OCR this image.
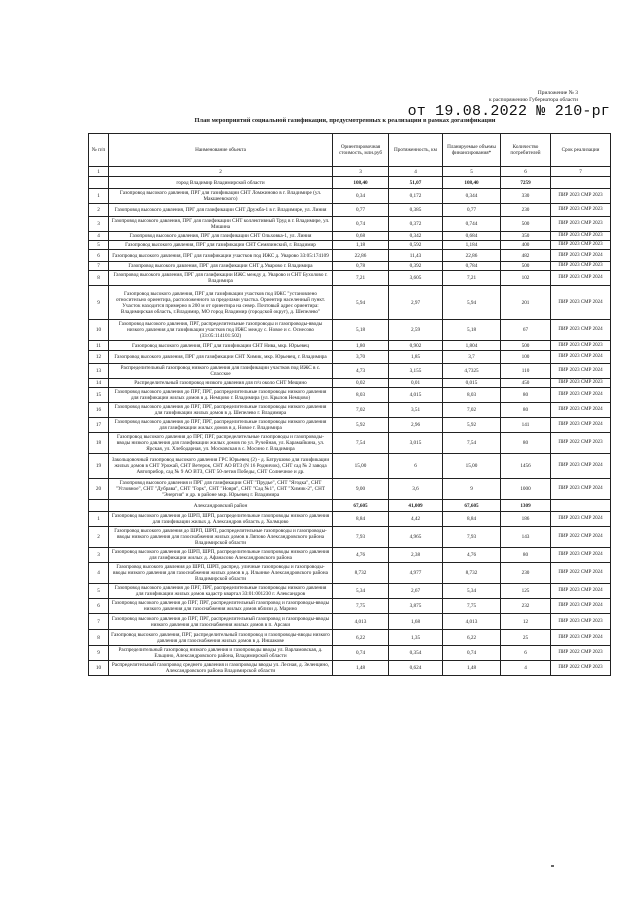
Приложение № 3
к распоряжению Губернатора области
от 19.08.2022 № 210-рг
План мероприятий социальной газификации, предусмотренных к реализации в рамках догазификации
№ п/п	Наименование объекта	Ориентировочная стоимость, млн.руб	Протяженность, км	Планируемые объемы финансирования*	Количество потребителей	Срок реализации
1	2	3	4	5	6	7
	город Владимир Владимирской области	108,40	51,07	108,40	7259	
1	Газопровод высокого давления, ПРГ для газификации СНТ Ломжиново в г. Владимире (ул. Макшеевского)	0,34	0,172	0,344	330	ПИР 2023 СМР 2023
2	Газопровод высокого давления, ПРГ для газификации СНТ Дружба-1 в г. Владимире, ул. Линия	0,77	0,385	0,77	230	ПИР 2023 СМР 2023
3	Газопровод высокого давления, ПРГ для газификации СНТ коллективный Труд в г. Владимире, ул. Мишина	0,74	0,372	0,744	500	ПИР 2023 СМР 2023
4	Газопровод высокого давления, ПРГ для газификации СНТ Ольховка-1, ул. Линия	0,68	0,342	0,684	350	ПИР 2023 СМР 2023
5	Газопровод высокого давления, ПРГ для газификации СНТ Семязинский, г. Владимир	1,18	0,592	1,184	400	ПИР 2023 СМР 2023
6	Газопровод высокого давления, ПРГ для газификации участков под ИЖС д. Уварово 33:05:174109	22,86	11,43	22,86	482	ПИР 2023 СМР 2024
7	Газопровод высокого давления, ПРГ для газификации СНТ д.Уварово г. Владимира	0,78	0,392	0,784	500	ПИР 2023 СМР 2023
8	Газопровод высокого давления, ПРГ для газификации ИЖС между д. Уварово и СНТ Бухолово г. Владимира	7,21	3,605	7,21	102	ПИР 2023 СМР 2024
9	Газопровод высокого давления, ПРГ для газификации участков под ИЖС "установлено относительно ориентира, расположенного за пределами участка. Ориентир населенный пункт. Участок находится примерно в 200 м от ориентира на север. Почтовый адрес ориентира: Владимирская область, г.Владимир, МО город Владимир (городской округ), д. Шепелево"	5,94	2,97	5,94	201	ПИР 2023 СМР 2024
10	Газопровод высокого давления, ПРГ, распределительные газопроводы и газопроводы-вводы низкого давления для газификации участков под ИЖС между с. Новое и с. Оснесово (33:05:114101:502)	5,18	2,59	5,18	67	ПИР 2023 СМР 2024
11	Газопровод высокого давления, ПРГ для газификации СНТ Нива, мкр. Юрьевец	1,80	0,902	1,804	500	ПИР 2023 СМР 2023
12	Газопровод высокого давления, ПРГ для газификации СНТ Химик, мкр. Юрьевец, г. Владимира	3,70	1,85	3,7	100	ПИР 2023 СМР 2024
13	Распределительный газопровод низкого давления для газификации участков под ИЖС в с. Спасское	4,73	3,155	4,7325	110	ПИР 2023 СМР 2024
14	Распределительный газопровод низкого давления для п/ч около СНТ Мещино	0,02	0,01	0,015	450	ПИР 2023 СМР 2023
15	Газопровод высокого давления до ПРГ, ПРГ, распределительные газопроводы низкого давления для газификации жилых домов в д. Немцово г. Владимира (ул. Крылов Немцово)	8,03	4,015	8,03	80	ПИР 2023 СМР 2024
16	Газопровод высокого давления до ПРГ, ПРГ, распределительные газопроводы низкого давления для газификации жилых домов в д. Шепелево г. Владимира	7,02	3,51	7,02	80	ПИР 2023 СМР 2024
17	Газопровод высокого давления до ПРГ, ПРГ, распределительные газопроводы низкого давления для газификации жилых домов в д. Новое г. Владимира	5,92	2,96	5,92	141	ПИР 2023 СМР 2024
18	Газопровод высокого давления до ПРГ, ПРГ, распределительные газопроводы и газопроводы-вводы низкого давления для газификации жилых домов по ул. Ручейная, ул. Карамайкина, ул. Ярская, ул. Хлебодарная, ул. Московская в с. Мосино г. Владимира	7,54	3,015	7,54	80	ПИР 2022 СМР 2023
19	Закольцовочный газопровод высокого давления ГРС Юрьевец (2) - д. Батрушово для газификации жилых домов в СНТ Урожай, СНТ Ветерок, СНТ АО ВТЗ (N 16 Родничок), СНТ сад № 2 завода Автоприбор, сад № 9 АО ВТЗ, СНТ 50-летия Победы, СНТ Солнечное и др.	15,00	6	15,00	1456	ПИР 2023 СМР 2024
20	Газопровод высокого давления и ПРГ для газификации СНТ "Прудье", СНТ "Ягодка", СНТ "Угловное", СНТ "Дубрава", СНТ "Горк", СНТ "Новря", СНТ "Сад №1", СНТ "Химик-2", СНТ "Энергия" и др. в районе мкр. Юрьевец г. Владимира	9,00	3,6	9	1000	ПИР 2023 СМР 2024
	Александровский район	67,605	41,009	67,605	1309	
1	Газопровод высокого давления до ШРП, ШРП, распределительные газопроводы низкого давления для газификации жилых д. Александров область д. Холмцово	8,84	4,42	8,84	186	ПИР 2023 СМР 2024
2	Газопровод высокого давления до ШРП, ШРП, распределительные газопроводы и газопроводы-вводы низкого давления для газоснабжения жилых домов в Ляпово Александровского района Владимирской области	7,93	4,965	7,93	143	ПИР 2022 СМР 2024
3	Газопровод высокого давления до ШРП, ШРП, распределительные газопроводы низкого давления для газификации жилых д. Афанасово Александровского района	4,76	2,38	4,76	80	ПИР 2023 СМР 2024
4	Газопровод высокого давления до ШРП, ШРП, распред. уличные газопроводы и газопроводы-вводы низкого давления для газоснабжения жилых домов в д. Ильинке Александровского района Владимирской области	8,732	4,977	8,732	230	ПИР 2022 СМР 2024
5	Газопровод высокого давления до ПРГ, ПРГ, распределительные газопроводы низкого давления для газификации жилых домов кадастр квартал 33:01:001230 г. Александров	5,34	2,67	5,34	125	ПИР 2023 СМР 2024
6	Газопровод высокого давления до ПРГ, ПРГ, распределительный газопровод и газопроводы-вводы низкого давления для газоснабжения жилых домов вблизи д. Марино	7,75	3,875	7,75	232	ПИР 2023 СМР 2024
7	Газопровод высокого давления до ПРГ, ПРГ, распределительный газопровод и газопроводы-вводы низкого давления для газоснабжения жилых домов в п. Арсаки	4,013	1,68	4,013	12	ПИР 2023 СМР 2023
8	Газопровод высокого давления, ПРГ, распределительный газопровод и газопроводы-вводы низкого давления для газоснабжения жилых домов в д. Иншакове	6,22	1,35	6,22	25	ПИР 2023 СМР 2024
9	Распределительный газопровод низкого давления и газопроводы вводы ул. Варламовская, д. Ельцино, Александровского района, Владимирской области	0,74	0,354	0,74	6	ПИР 2022 СМР 2023
10	Распределительный газопровод среднего давления и газопроводы вводы ул. Лесная, д. Зеленцино, Александровского района Владимирской области	1,48	0,624	1,48	4	ПИР 2022 СМР 2023
